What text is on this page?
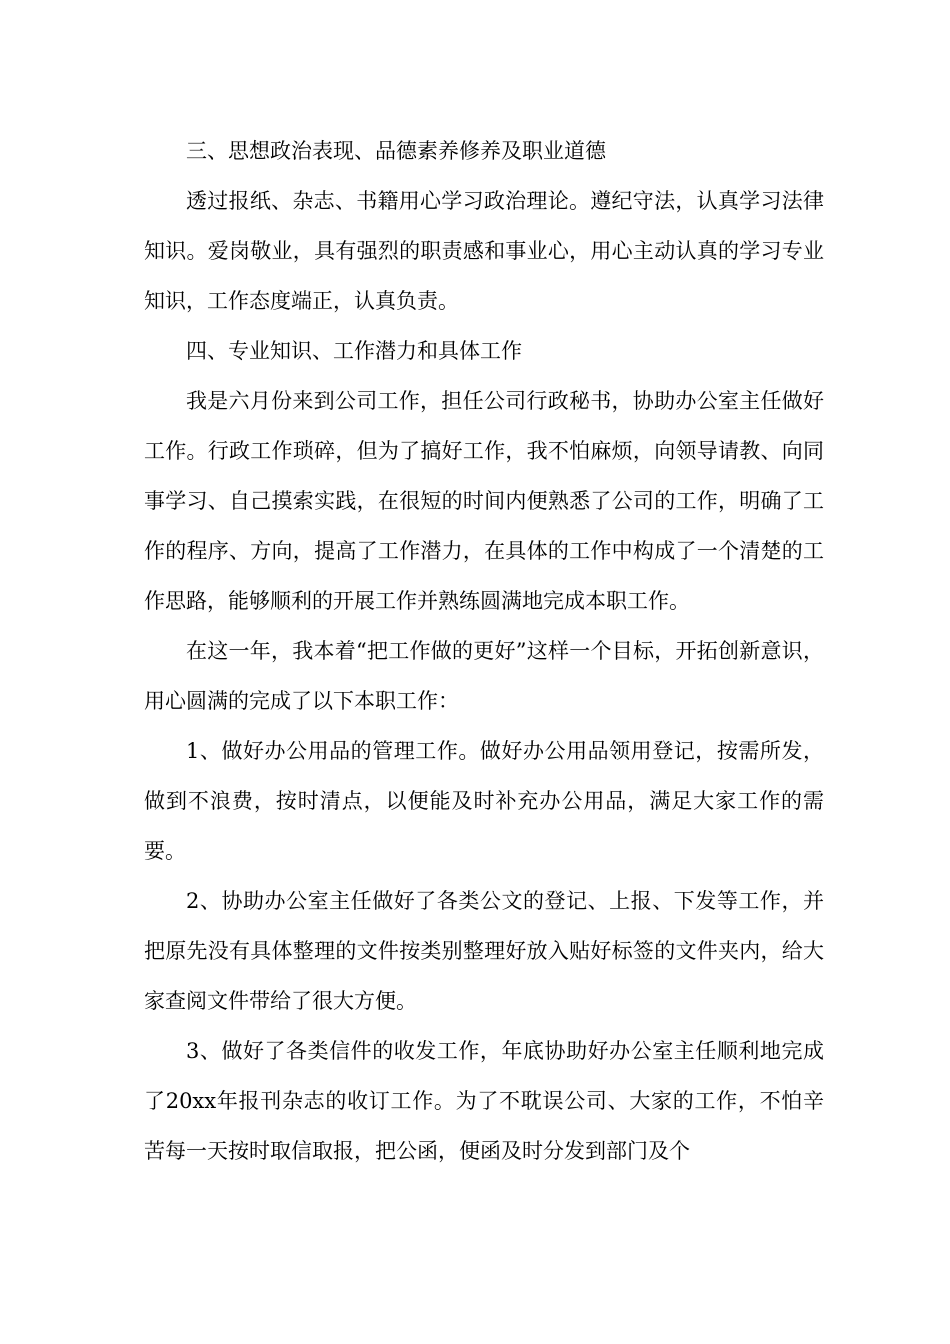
三、思想政治表现、品德素养修养及职业道德

透过报纸、杂志、书籍用心学习政治理论。遵纪守法，认真学习法律知识。爱岗敬业，具有强烈的职责感和事业心，用心主动认真的学习专业知识，工作态度端正，认真负责。

四、专业知识、工作潜力和具体工作

我是六月份来到公司工作，担任公司行政秘书，协助办公室主任做好工作。行政工作琐碎，但为了搞好工作，我不怕麻烦，向领导请教、向同事学习、自己摸索实践，在很短的时间内便熟悉了公司的工作，明确了工作的程序、方向，提高了工作潜力，在具体的工作中构成了一个清楚的工作思路，能够顺利的开展工作并熟练圆满地完成本职工作。

在这一年，我本着“把工作做的更好”这样一个目标，开拓创新意识，用心圆满的完成了以下本职工作：

1、做好办公用品的管理工作。做好办公用品领用登记，按需所发，做到不浪费，按时清点，以便能及时补充办公用品，满足大家工作的需要。

2、协助办公室主任做好了各类公文的登记、上报、下发等工作，并把原先没有具体整理的文件按类别整理好放入贴好标签的文件夹内，给大家查阅文件带给了很大方便。

3、做好了各类信件的收发工作，年底协助好办公室主任顺利地完成了20xx年报刊杂志的收订工作。为了不耽误公司、大家的工作，不怕辛苦每一天按时取信取报，把公函，便函及时分发到部门及个
